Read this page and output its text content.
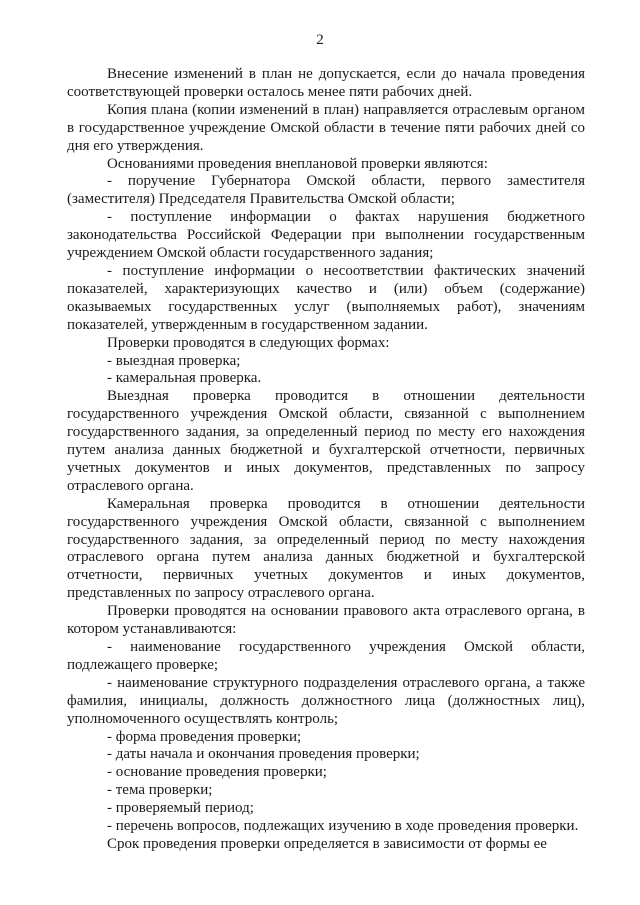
2

Внесение изменений в план не допускается, если до начала проведения соответствующей проверки осталось менее пяти рабочих дней.

Копия плана (копии изменений в план) направляется отраслевым органом в государственное учреждение Омской области в течение пяти рабочих дней со дня его утверждения.

Основаниями проведения внеплановой проверки являются:

- поручение Губернатора Омской области, первого заместителя (заместителя) Председателя Правительства Омской области;

- поступление информации о фактах нарушения бюджетного законодательства Российской Федерации при выполнении государственным учреждением Омской области государственного задания;

- поступление информации о несоответствии фактических значений показателей, характеризующих качество и (или) объем (содержание) оказываемых государственных услуг (выполняемых работ), значениям показателей, утвержденным в государственном задании.

Проверки проводятся в следующих формах:

- выездная проверка;

- камеральная проверка.

Выездная проверка проводится в отношении деятельности государственного учреждения Омской области, связанной с выполнением государственного задания, за определенный период по месту его нахождения путем анализа данных бюджетной и бухгалтерской отчетности, первичных учетных документов и иных документов, представленных по запросу отраслевого органа.

Камеральная проверка проводится в отношении деятельности государственного учреждения Омской области, связанной с выполнением государственного задания, за определенный период по месту нахождения отраслевого органа путем анализа данных бюджетной и бухгалтерской отчетности, первичных учетных документов и иных документов, представленных по запросу отраслевого органа.

Проверки проводятся на основании правового акта отраслевого органа, в котором устанавливаются:

- наименование государственного учреждения Омской области, подлежащего проверке;

- наименование структурного подразделения отраслевого органа, а также фамилия, инициалы, должность должностного лица (должностных лиц), уполномоченного осуществлять контроль;

- форма проведения проверки;

- даты начала и окончания проведения проверки;

- основание проведения проверки;

- тема проверки;

- проверяемый период;

- перечень вопросов, подлежащих изучению в ходе проведения проверки.

Срок проведения проверки определяется в зависимости от формы ее
